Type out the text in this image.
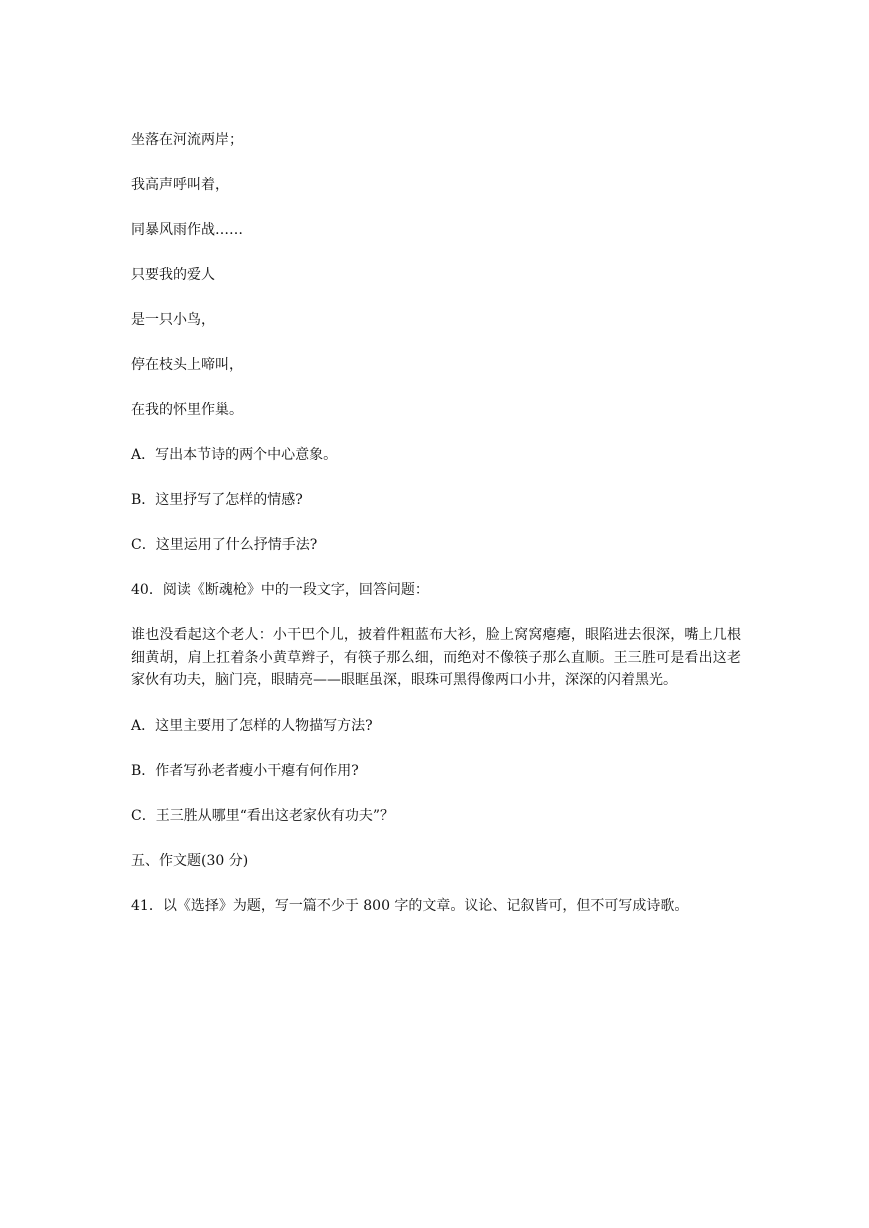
坐落在河流两岸；

我高声呼叫着，

同暴风雨作战……

只要我的爱人

是一只小鸟，

停在枝头上啼叫，

在我的怀里作巢。

A．写出本节诗的两个中心意象。

B．这里抒写了怎样的情感?

C．这里运用了什么抒情手法?

40．阅读《断魂枪》中的一段文字，回答问题：

谁也没看起这个老人：小干巴个儿，披着件粗蓝布大衫，脸上窝窝瘪瘪，眼陷进去很深，嘴上几根细黄胡，肩上扛着条小黄草辫子，有筷子那么细，而绝对不像筷子那么直顺。王三胜可是看出这老家伙有功夫，脑门亮，眼睛亮——眼眶虽深，眼珠可黑得像两口小井，深深的闪着黑光。

A．这里主要用了怎样的人物描写方法?

B．作者写孙老者瘦小干瘪有何作用?

C．王三胜从哪里“看出这老家伙有功夫”？

五、作文题(30 分)

41．以《选择》为题，写一篇不少于 800 字的文章。议论、记叙皆可，但不可写成诗歌。
